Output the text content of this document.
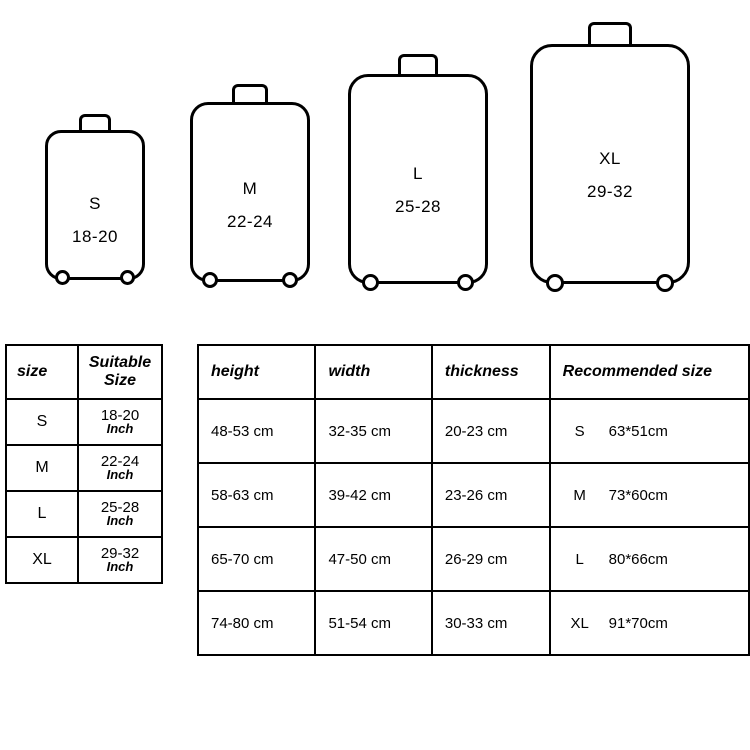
S
18-20
M
22-24
L
25-28
XL
29-32
size	Suitable
Size
S	18-20
Inch

M	22-24
Inch

L	25-28
Inch

XL	29-32
Inch
height	width	thickness	Recommended size
48-53 cm	32-35 cm	20-23 cm	S 63*51cm

58-63 cm	39-42 cm	23-26 cm	M 73*60cm

65-70 cm	47-50 cm	26-29 cm	L 80*66cm

74-80 cm	51-54 cm	30-33 cm	XL 91*70cm
